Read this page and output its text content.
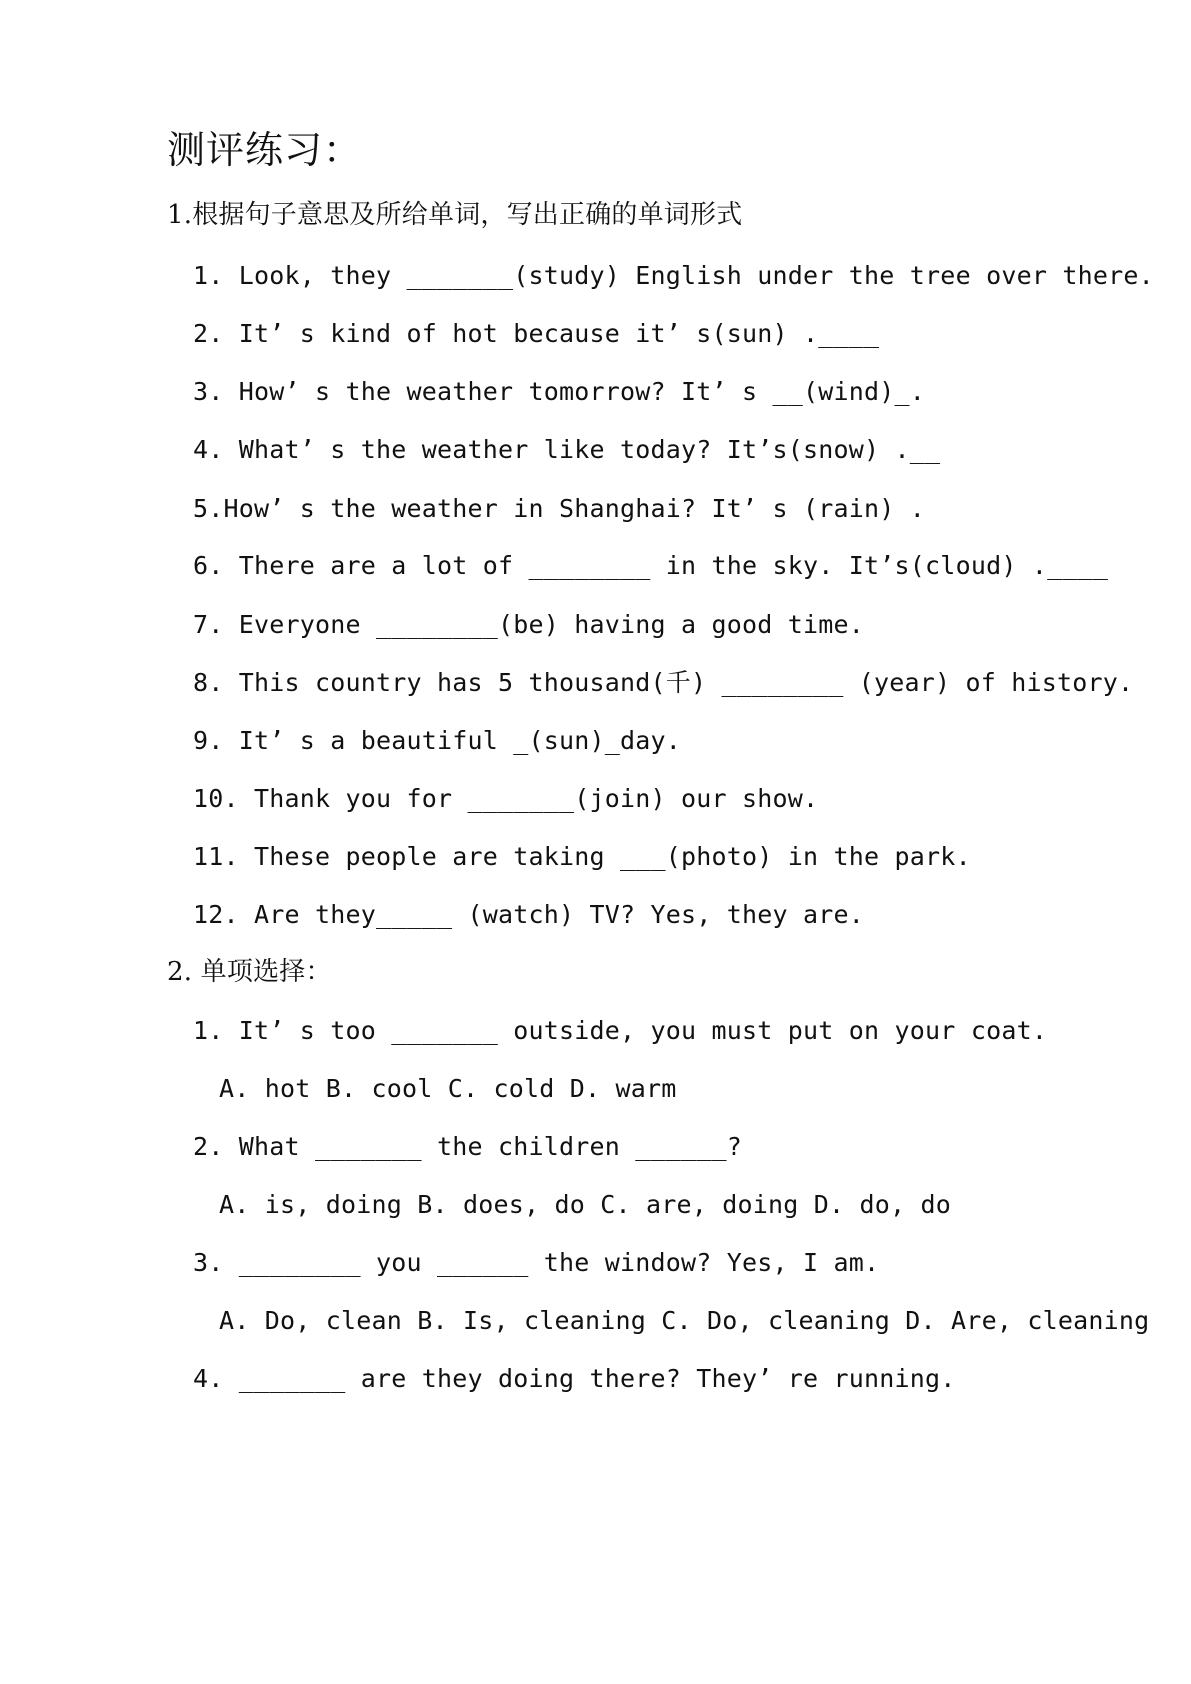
测评练习：
1.根据句子意思及所给单词，写出正确的单词形式
1. Look, they _______(study) English under the tree over there.
2. It’ s kind of hot because it’ s(sun) .____
3. How’ s the weather tomorrow? It’ s __(wind)_.
4. What’ s the weather like today? It’s(snow) .__
5.How’ s the weather in Shanghai? It’ s (rain) .
6. There are a lot of ________ in the sky. It’s(cloud) .____
7. Everyone ________(be) having a good time.
8. This country has 5 thousand(千) ________ (year) of history.
9. It’ s a beautiful _(sun)_day.
10. Thank you for _______(join) our show.
11. These people are taking ___(photo) in the park.
12. Are they_____ (watch) TV? Yes, they are.
2. 单项选择：
1. It’ s too _______ outside, you must put on your coat.
A. hot B. cool C. cold D. warm
2. What _______ the children ______?
A. is, doing B. does, do C. are, doing D. do, do
3. ________ you ______ the window? Yes, I am.
A. Do, clean B. Is, cleaning C. Do, cleaning D. Are, cleaning
4. _______ are they doing there? They’ re running.
